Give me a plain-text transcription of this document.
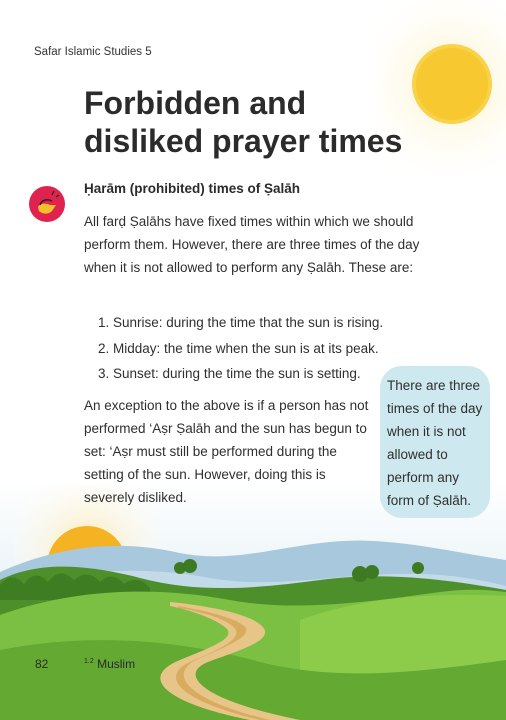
Safar Islamic Studies 5
Forbidden and
disliked prayer times
Ḥarām (prohibited) times of Ṣalāh

All farḍ Ṣalāhs have fixed times within which we should perform them. However, there are three times of the day when it is not allowed to perform any Ṣalāh. These are:

1. Sunrise: during the time that the sun is rising.
2. Midday: the time when the sun is at its peak.
3. Sunset: during the time the sun is setting.

An exception to the above is if a person has not performed ‘Aṣr Ṣalāh and the sun has begun to set: ‘Aṣr must still be performed during the setting of the sun. However, doing this is severely disliked.

There are three times of the day when it is not allowed to perform any form of Ṣalāh.
82	$^{1.2}$ Muslim
